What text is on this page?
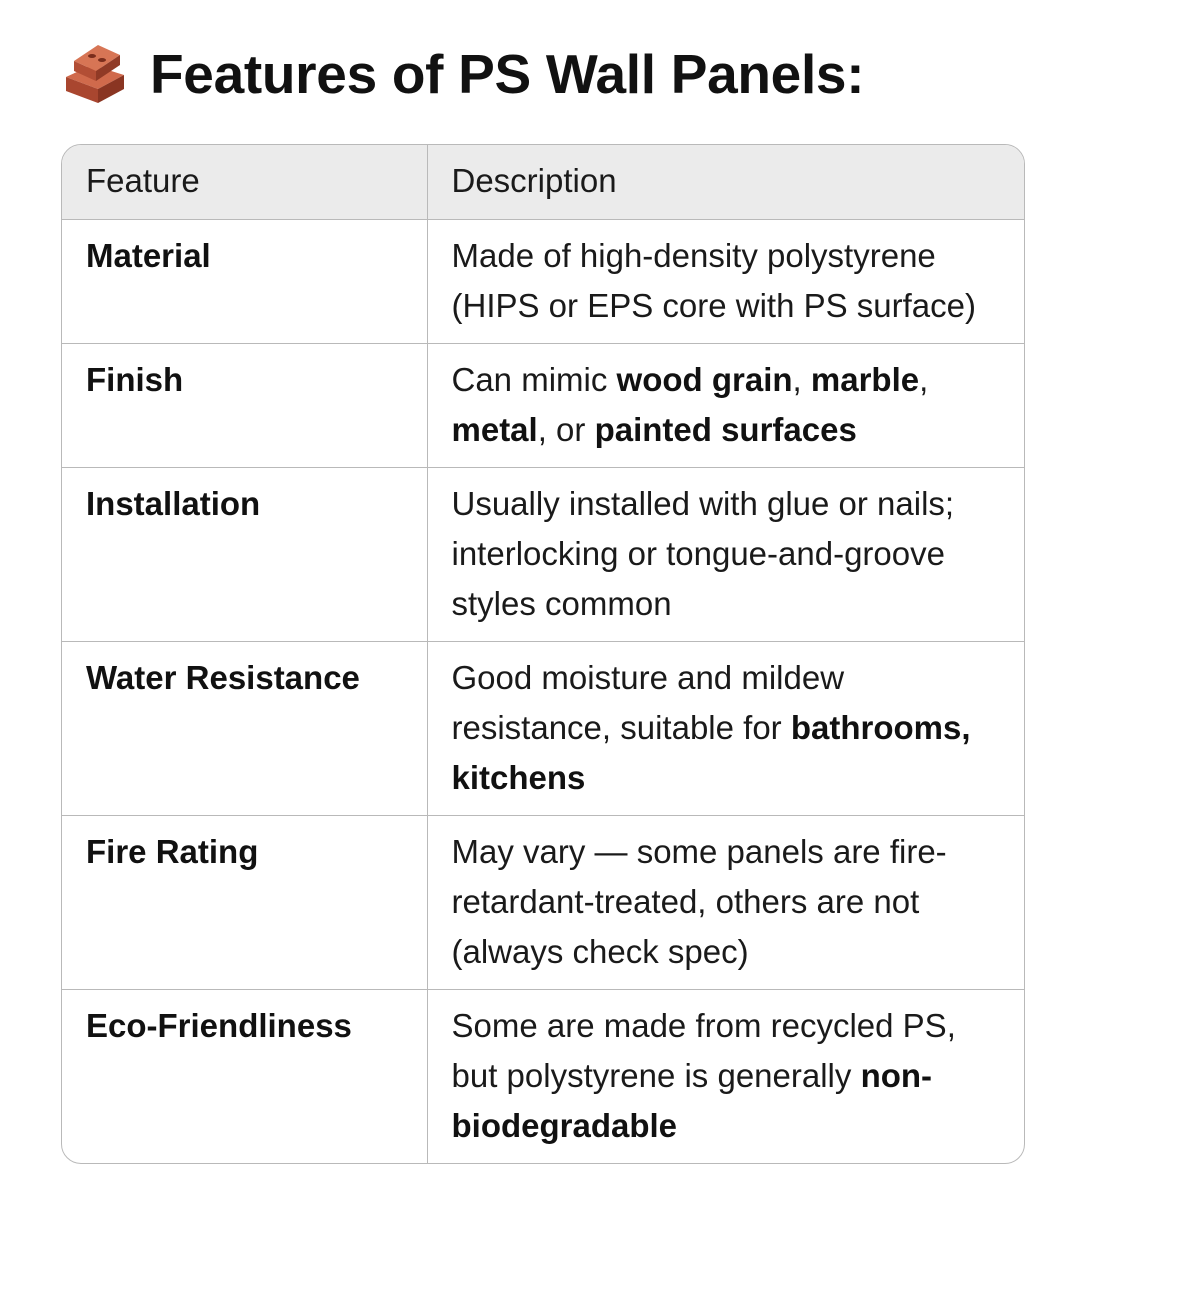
Features of PS Wall Panels:
Feature	Description
Material	Made of high-density polystyrene (HIPS or EPS core with PS surface)
Finish	Can mimic wood grain, marble, metal, or painted surfaces
Installation	Usually installed with glue or nails; interlocking or tongue-and-groove styles common
Water Resistance	Good moisture and mildew resistance, suitable for bathrooms, kitchens
Fire Rating	May vary — some panels are fire-retardant-treated, others are not (always check spec)
Eco-Friendliness	Some are made from recycled PS, but polystyrene is generally non-biodegradable
